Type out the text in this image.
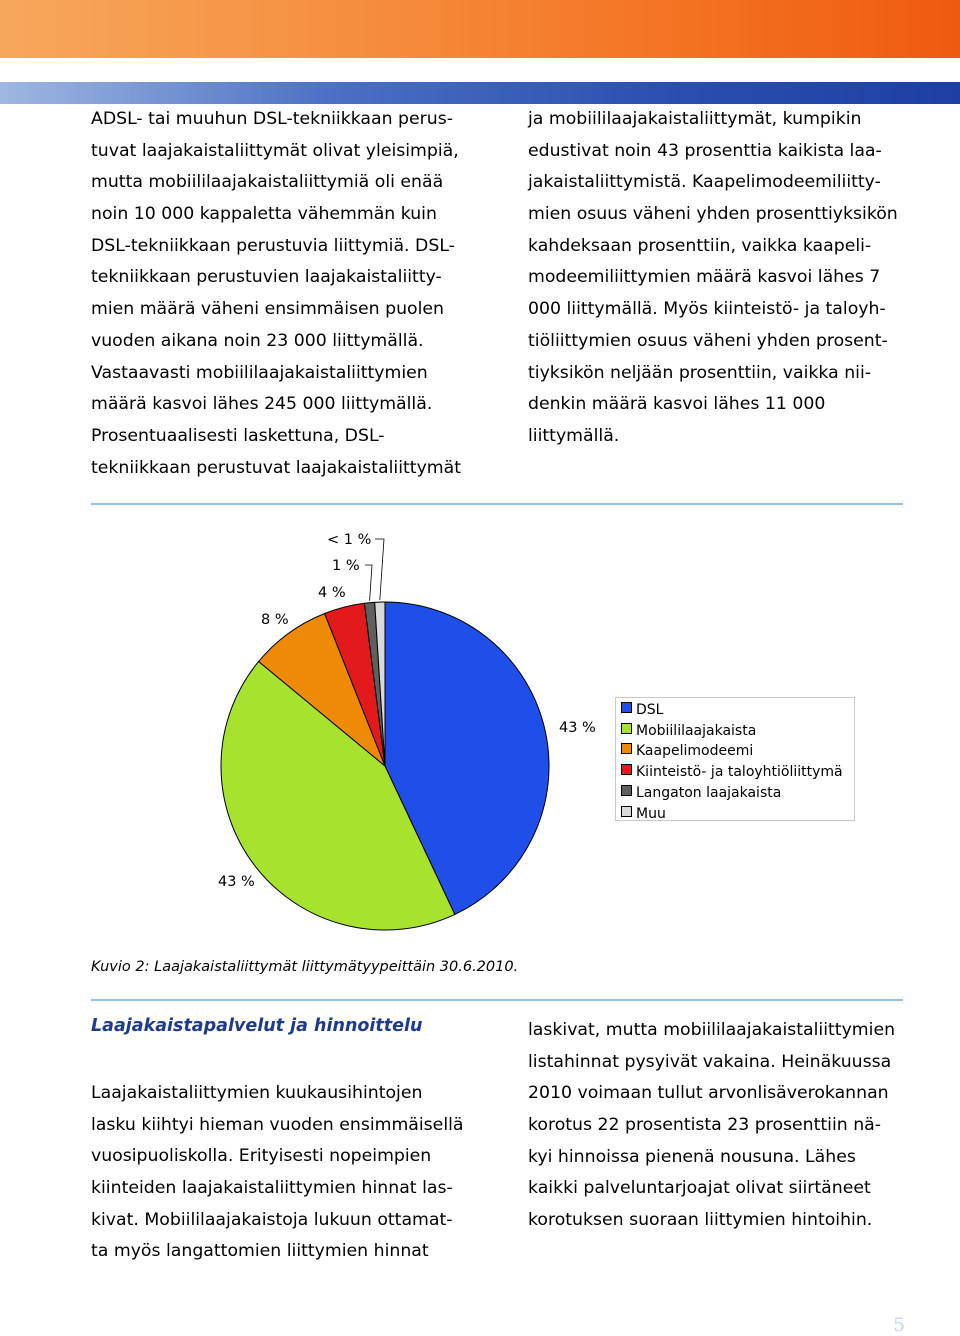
ADSL- tai muuhun DSL-tekniikkaan perus-
tuvat laajakaistaliittymät olivat yleisimpiä,
mutta mobiililaajakaistaliittymiä oli enää
noin 10 000 kappaletta vähemmän kuin
DSL-tekniikkaan perustuvia liittymiä. DSL-
tekniikkaan perustuvien laajakaistaliitty-
mien määrä väheni ensimmäisen puolen
vuoden aikana noin 23 000 liittymällä.
Vastaavasti mobiililaajakaistaliittymien
määrä kasvoi lähes 245 000 liittymällä.
Prosentuaalisesti laskettuna, DSL-
tekniikkaan perustuvat laajakaistaliittymät
ja mobiililaajakaistaliittymät, kumpikin
edustivat noin 43 prosenttia kaikista laa-
jakaistaliittymistä. Kaapelimodeemiliitty-
mien osuus väheni yhden prosenttiyksikön
kahdeksaan prosenttiin, vaikka kaapeli-
modeemiliittymien määrä kasvoi lähes 7
000 liittymällä. Myös kiinteistö- ja taloyh-
tiöliittymien osuus väheni yhden prosent-
tiyksikön neljään prosenttiin, vaikka nii-
denkin määrä kasvoi lähes 11 000
liittymällä.
43 %
43 %
8 %
4 %
1 %
< 1 %
DSL
Mobiililaajakaista
Kaapelimodeemi
Kiinteistö- ja taloyhtiöliittymä
Langaton laajakaista
Muu
Kuvio 2: Laajakaistaliittymät liittymätyypeittäin 30.6.2010.
Laajakaistapalvelut ja hinnoittelu
Laajakaistaliittymien kuukausihintojen
lasku kiihtyi hieman vuoden ensimmäisellä
vuosipuoliskolla. Erityisesti nopeimpien
kiinteiden laajakaistaliittymien hinnat las-
kivat. Mobiililaajakaistoja lukuun ottamat-
ta myös langattomien liittymien hinnat
laskivat, mutta mobiililaajakaistaliittymien
listahinnat pysyivät vakaina. Heinäkuussa
2010 voimaan tullut arvonlisäverokannan
korotus 22 prosentista 23 prosenttiin nä-
kyi hinnoissa pienenä nousuna. Lähes
kaikki palveluntarjoajat olivat siirtäneet
korotuksen suoraan liittymien hintoihin.
5
